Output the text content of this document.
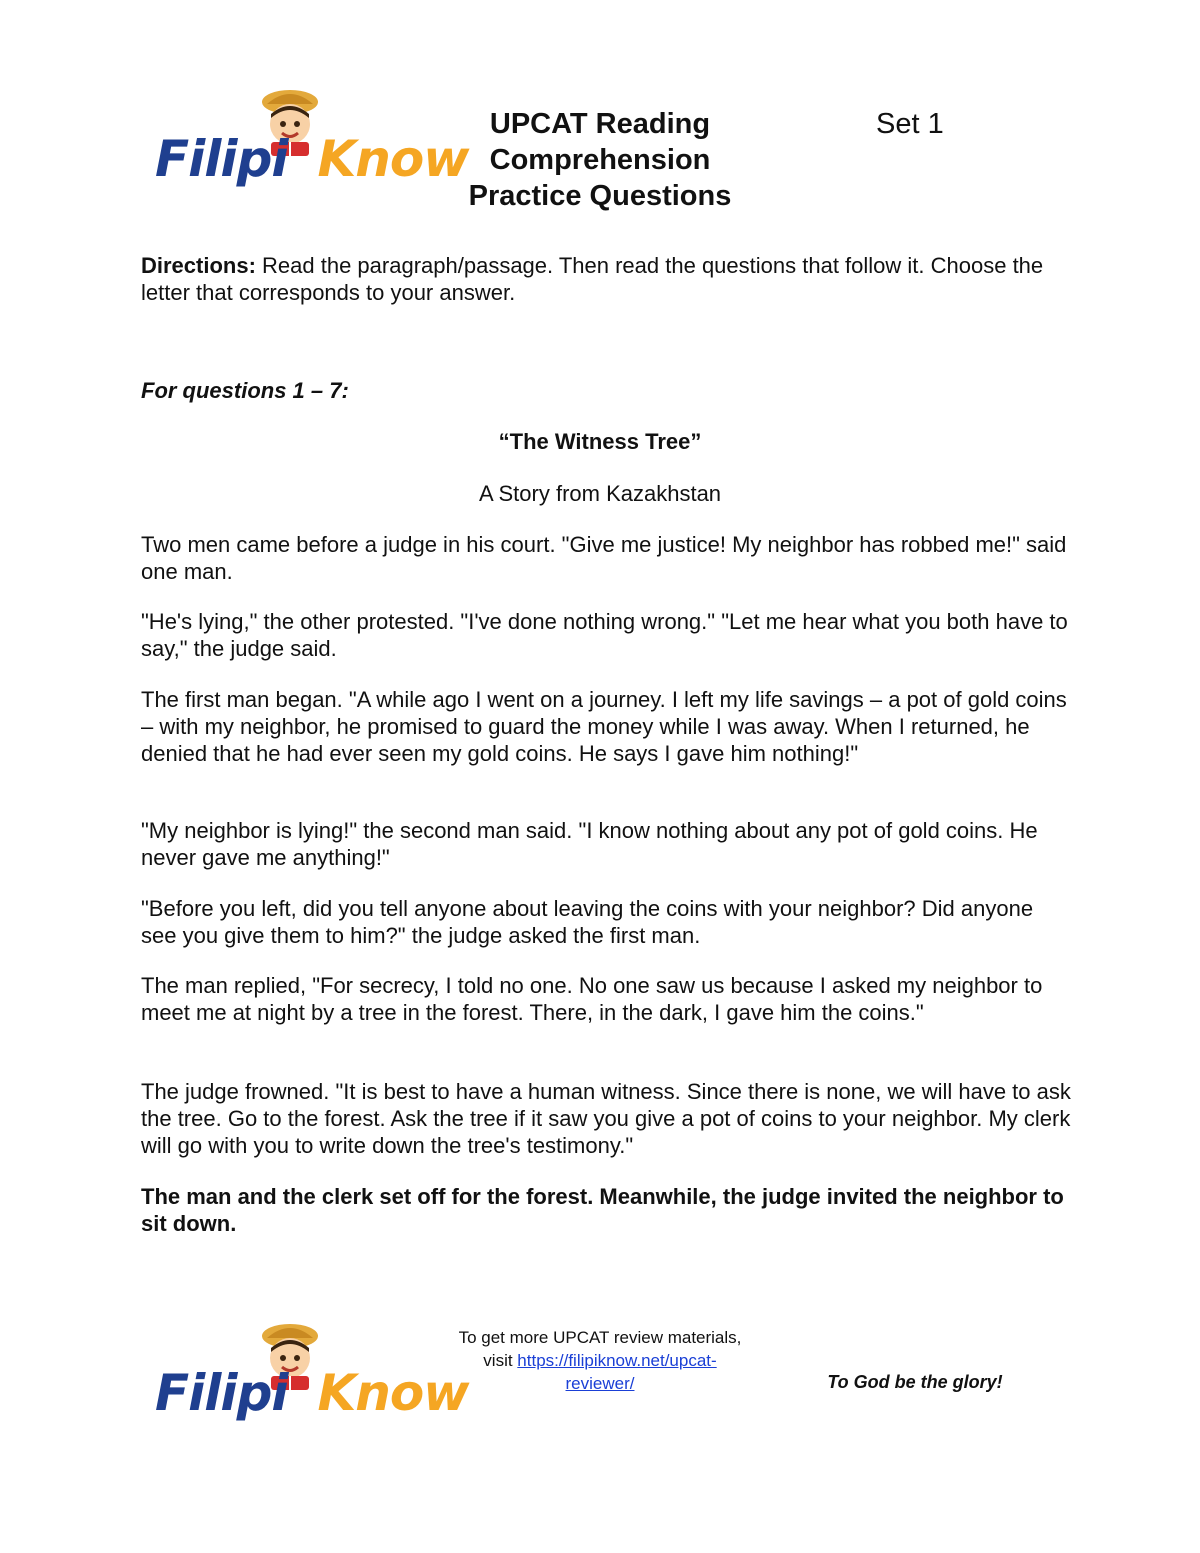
Filipi Know
UPCAT Reading
Comprehension
Practice Questions
Set 1
Directions: Read the paragraph/passage. Then read the questions that follow it. Choose the letter that corresponds to your answer.
For questions 1 – 7:
“The Witness Tree”
A Story from Kazakhstan

Two men came before a judge in his court. "Give me justice! My neighbor has robbed me!" said one man.

"He's lying," the other protested. "I've done nothing wrong." "Let me hear what you both have to say," the judge said.

The first man began. "A while ago I went on a journey. I left my life savings – a pot of gold coins – with my neighbor, he promised to guard the money while I was away. When I returned, he denied that he had ever seen my gold coins. He says I gave him nothing!"

"My neighbor is lying!" the second man said. "I know nothing about any pot of gold coins. He never gave me anything!"

"Before you left, did you tell anyone about leaving the coins with your neighbor? Did anyone see you give them to him?" the judge asked the first man.

The man replied, "For secrecy, I told no one. No one saw us because I asked my neighbor to meet me at night by a tree in the forest. There, in the dark, I gave him the coins."

The judge frowned. "It is best to have a human witness. Since there is none, we will have to ask the tree. Go to the forest. Ask the tree if it saw you give a pot of coins to your neighbor. My clerk will go with you to write down the tree's testimony."

The man and the clerk set off for the forest. Meanwhile, the judge invited the neighbor to sit down.

Filipi Know
To get more UPCAT review materials,
visit https://filipiknow.net/upcat-reviewer/	To God be the glory!
